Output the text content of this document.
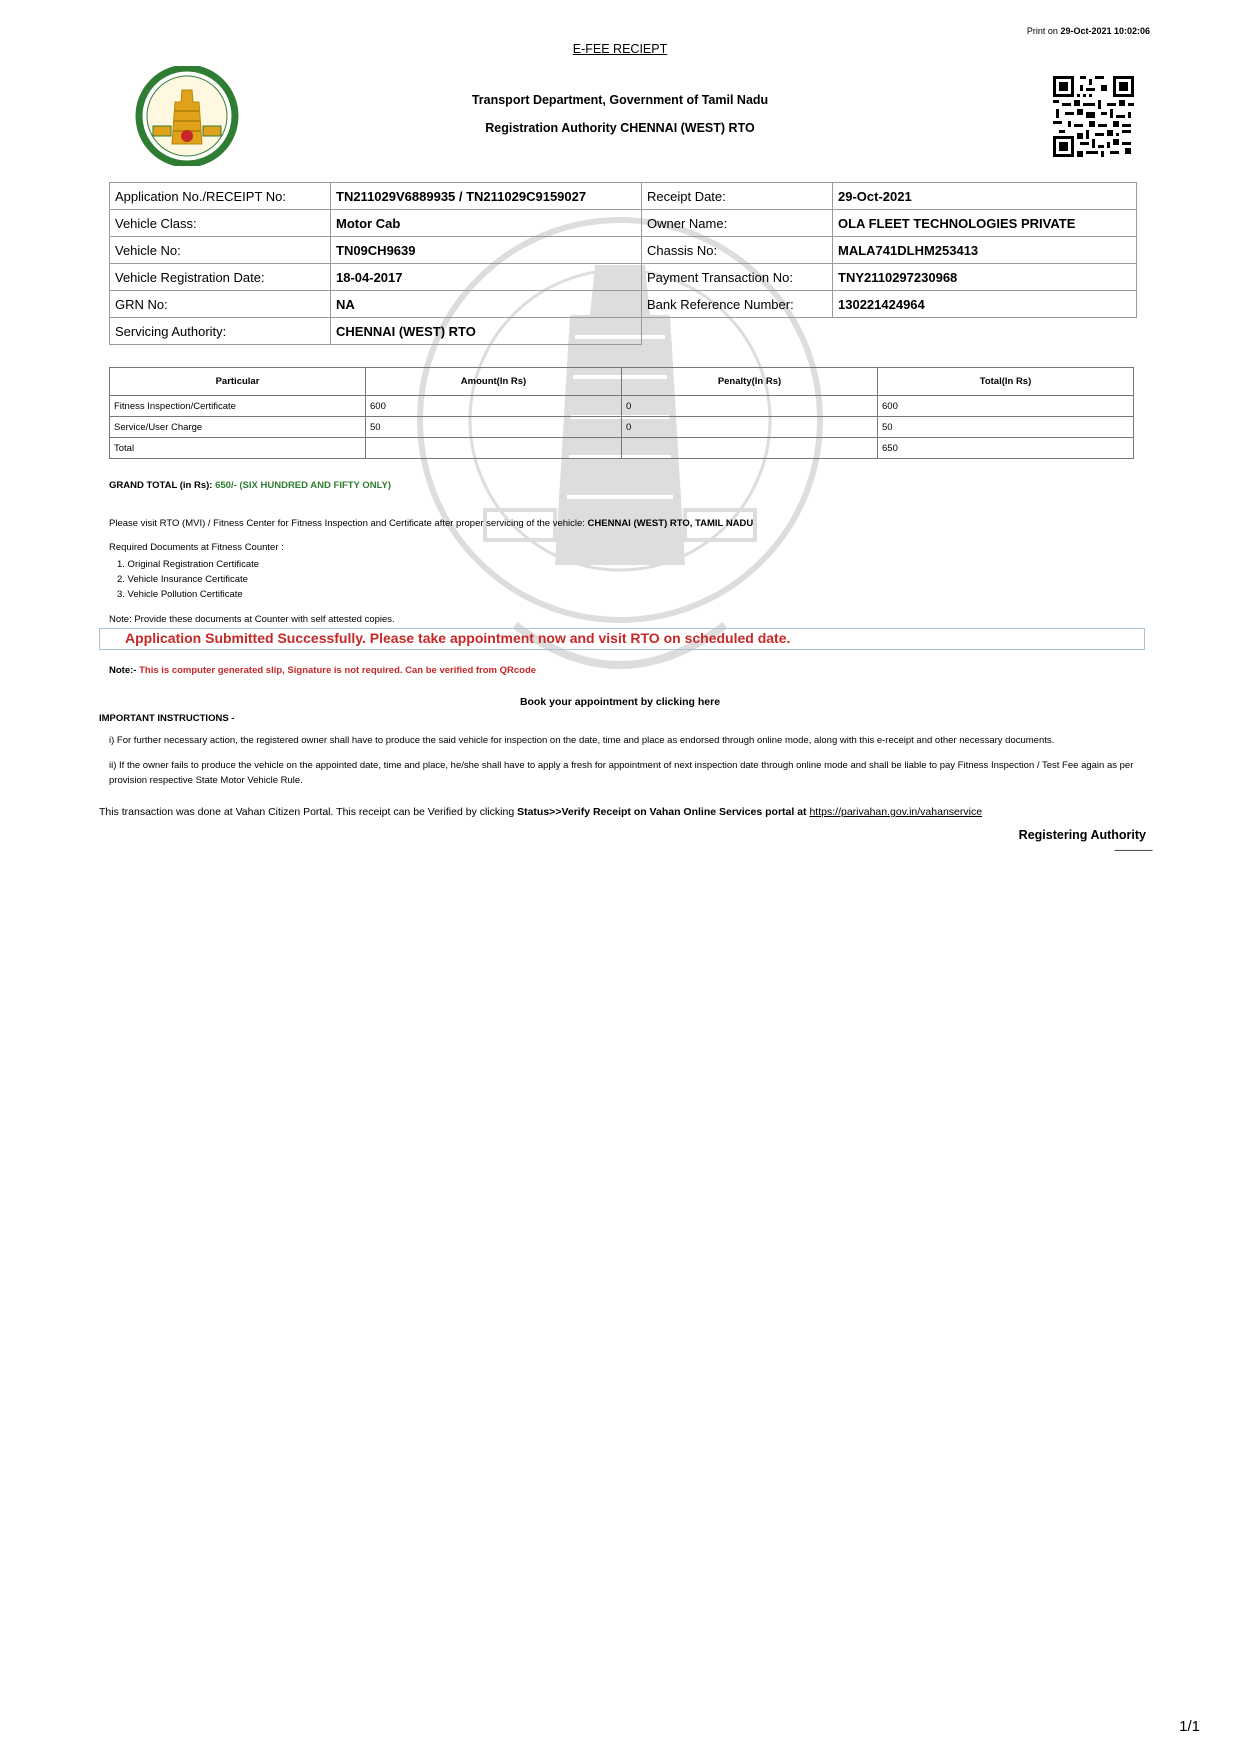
Print on 29-Oct-2021 10:02:06
E-FEE RECIEPT
Transport Department, Government of Tamil Nadu
Registration Authority CHENNAI (WEST) RTO
Application No./RECEIPT No:	TN211029V6889935 / TN211029C9159027	Receipt Date:	29-Oct-2021
Vehicle Class:	Motor Cab	Owner Name:	OLA FLEET TECHNOLOGIES PRIVATE
Vehicle No:	TN09CH9639	Chassis No:	MALA741DLHM253413
Vehicle Registration Date:	18-04-2017	Payment Transaction No:	TNY2110297230968
GRN No:	NA	Bank Reference Number:	130221424964
Servicing Authority:	CHENNAI (WEST) RTO		
Particular	Amount(In Rs)	Penalty(In Rs)	Total(In Rs)
Fitness Inspection/Certificate	600	0	600
Service/User Charge	50	0	50
Total			650
GRAND TOTAL (in Rs): 650/- (SIX HUNDRED AND FIFTY ONLY)
Please visit RTO (MVI) / Fitness Center for Fitness Inspection and Certificate after proper servicing of the vehicle: CHENNAI (WEST) RTO, TAMIL NADU
Required Documents at Fitness Counter :
1. Original Registration Certificate
2. Vehicle Insurance Certificate
3. Vehicle Pollution Certificate
Note: Provide these documents at Counter with self attested copies.
Application Submitted Successfully. Please take appointment now and visit RTO on scheduled date.
Note:- This is computer generated slip, Signature is not required. Can be verified from QRcode
Book your appointment by clicking here
IMPORTANT INSTRUCTIONS -
i) For further necessary action, the registered owner shall have to produce the said vehicle for inspection on the date, time and place as endorsed through online mode, along with this e-receipt and other necessary documents.
ii) If the owner fails to produce the vehicle on the appointed date, time and place, he/she shall have to apply a fresh for appointment of next inspection date through online mode and shall be liable to pay Fitness Inspection / Test Fee again as per provision respective State Motor Vehicle Rule.
This transaction was done at Vahan Citizen Portal. This receipt can be Verified by clicking Status>>Verify Receipt on Vahan Online Services portal at https://parivahan.gov.in/vahanservice
Registering Authority
-------------------
1/1
